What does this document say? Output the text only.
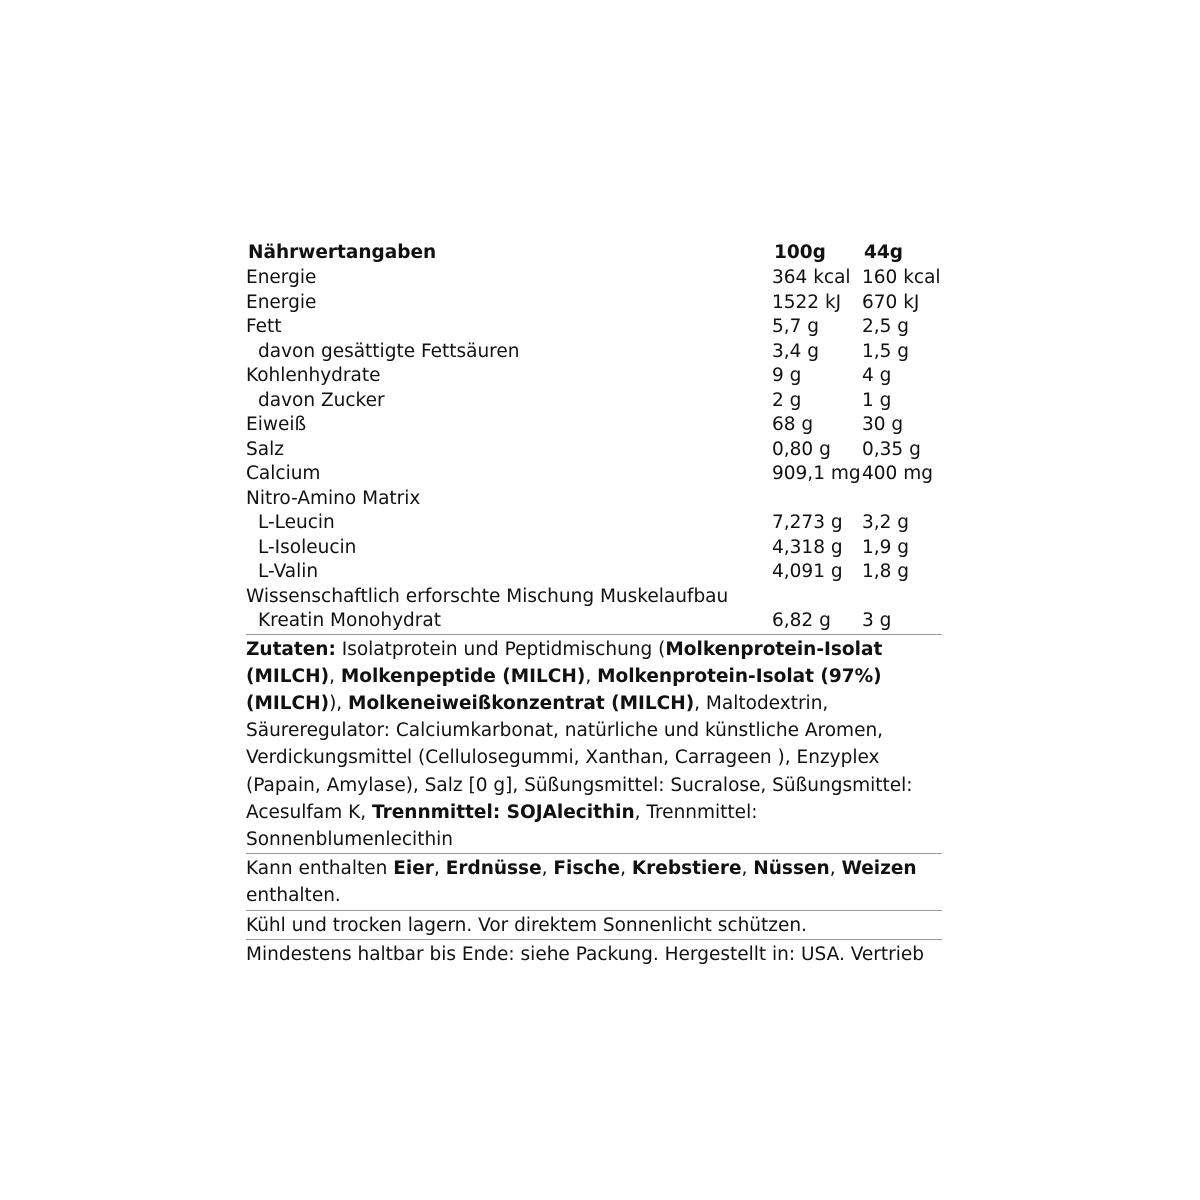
Nährwertangaben	100g 44g
Energie	364 kcal 160 kcal
Energie	1522 kJ 670 kJ
Fett	5,7 g 2,5 g
davon gesättigte Fettsäuren	3,4 g 1,5 g
Kohlenhydrate	9 g	4 g
davon Zucker	2 g	1 g
Eiweiß	68 g	30 g
Salz	0,80 g 0,35 g
Calcium	909,1 mg 400 mg
Nitro-Amino Matrix
L-Leucin	7,273 g 3,2 g
L-Isoleucin	4,318 g 1,9 g
L-Valin	4,091 g 1,8 g
Wissenschaftlich erforschte Mischung Muskelaufbau
Kreatin Monohydrat	6,82 g 3 g
Zutaten: Isolatprotein und Peptidmischung (Molkenprotein-Isolat (MILCH), Molkenpeptide (MILCH), Molkenprotein-Isolat (97%) (MILCH)), Molkeneiweißkonzentrat (MILCH), Maltodextrin, Säureregulator: Calciumkarbonat, natürliche und künstliche Aromen, Verdickungsmittel (Cellulosegummi, Xanthan, Carrageen ), Enzyplex (Papain, Amylase), Salz [0 g], Süßungsmittel: Sucralose, Süßungsmittel: Acesulfam K, Trennmittel: SOJAlecithin, Trennmittel: Sonnenblumenlecithin
Kann enthalten Eier, Erdnüsse, Fische, Krebstiere, Nüssen, Weizen enthalten.
Kühl und trocken lagern. Vor direktem Sonnenlicht schützen.
Mindestens haltbar bis Ende: siehe Packung. Hergestellt in: USA. Vertrieb
